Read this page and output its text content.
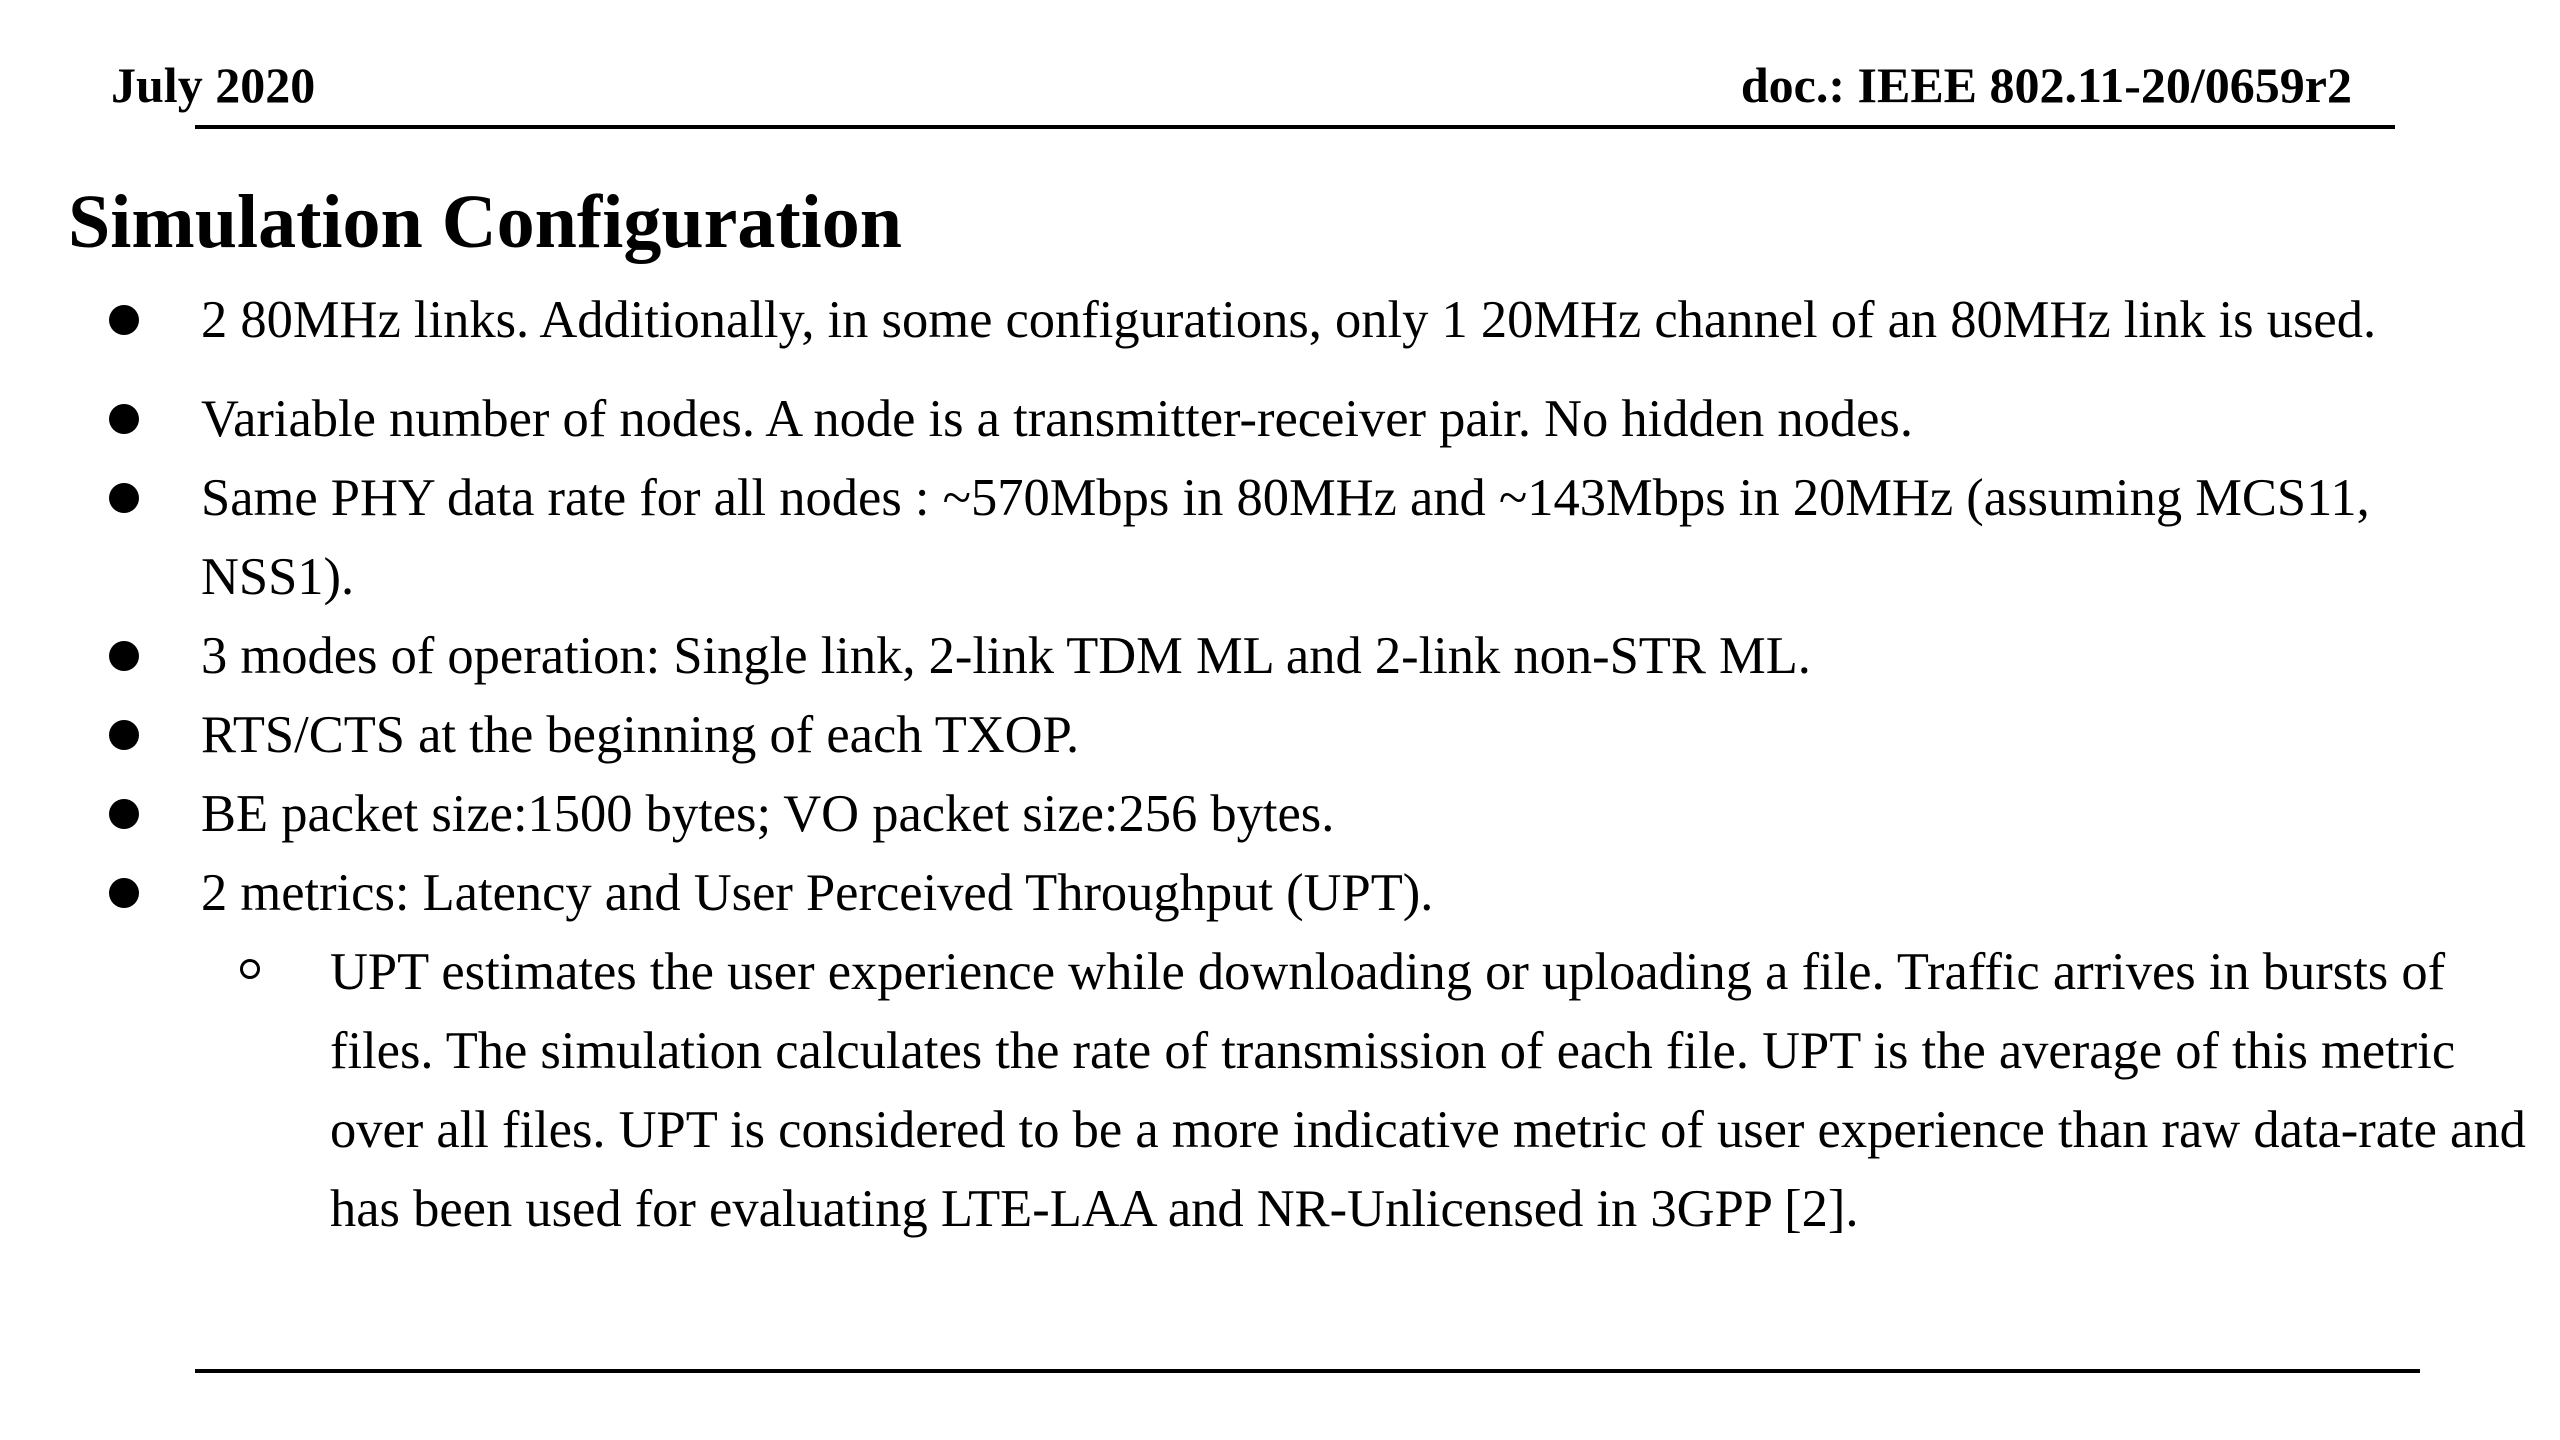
July 2020	doc.: IEEE 802.11-20/0659r2
Simulation Configuration
2 80MHz links. Additionally, in some configurations, only 1 20MHz channel of an 80MHz link is used.
Variable number of nodes. A node is a transmitter-receiver pair. No hidden nodes.
Same PHY data rate for all nodes : ~570Mbps in 80MHz and ~143Mbps in 20MHz (assuming MCS11, NSS1).
3 modes of operation: Single link, 2-link TDM ML and 2-link non-STR ML.
RTS/CTS at the beginning of each TXOP.
BE packet size:1500 bytes; VO packet size:256 bytes.
2 metrics: Latency and User Perceived Throughput (UPT).
UPT estimates the user experience while downloading or uploading a file. Traffic arrives in bursts of files. The simulation calculates the rate of transmission of each file. UPT is the average of this metric over all files. UPT is considered to be a more indicative metric of user experience than raw data-rate and has been used for evaluating LTE-LAA and NR-Unlicensed in 3GPP [2].
